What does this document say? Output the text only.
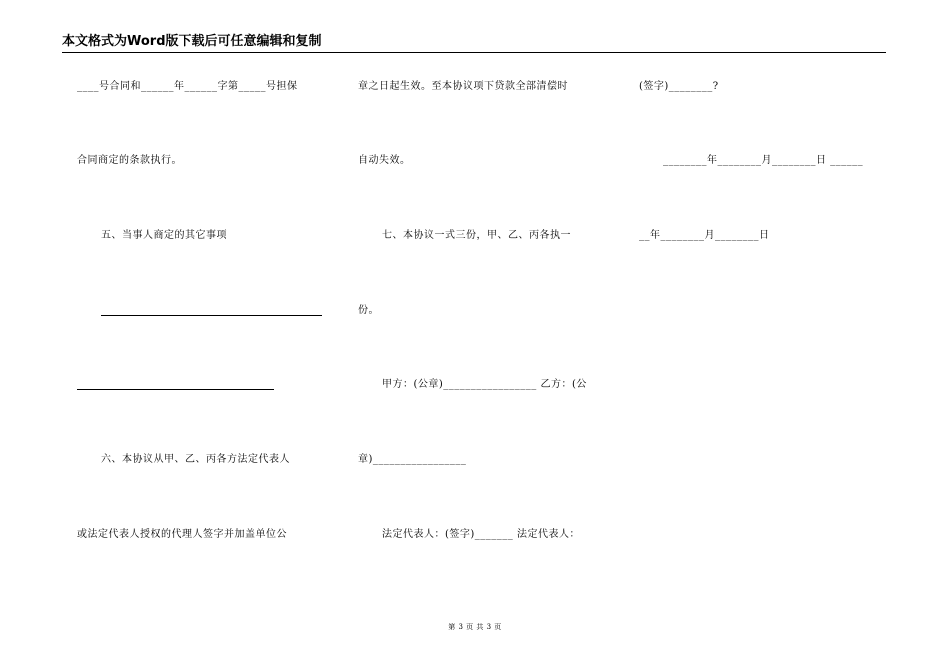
本文格式为Word版下载后可任意编辑和复制
____号合同和______年______字第_____号担保
合同商定的条款执行。
五、当事人商定的其它事项
六、本协议从甲、乙、丙各方法定代表人
或法定代表人授权的代理人签字并加盖单位公
章之日起生效。至本协议项下贷款全部清偿时
自动失效。
七、本协议一式三份，甲、乙、丙各执一
份。
甲方：(公章)_________________ 乙方：(公
章)_________________
法定代表人：(签字)_______ 法定代表人：
(签字)________?
________年________月________日 ______
__年________月________日
第 3 页 共 3 页
